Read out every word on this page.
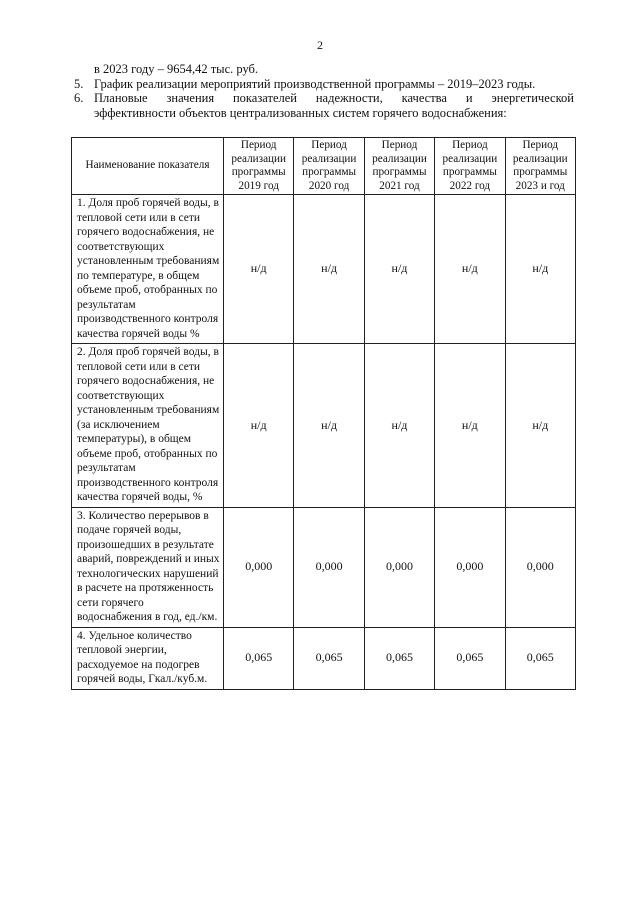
2
в 2023 году – 9654,42 тыс. руб.
5. График реализации мероприятий производственной программы – 2019–2023 годы.
6. Плановые значения показателей надежности, качества и энергетической
эффективности объектов централизованных систем горячего водоснабжения:
Наименование показателя	Период реализации программы 2019 год	Период реализации программы 2020 год	Период реализации программы 2021 год	Период реализации программы 2022 год	Период реализации программы 2023 и год
1. Доля проб горячей воды, в тепловой сети или в сети горячего водоснабжения, не соответствующих установленным требованиям по температуре, в общем объеме проб, отобранных по результатам производственного контроля качества горячей воды %	н/д	н/д	н/д	н/д	н/д
2. Доля проб горячей воды, в тепловой сети или в сети горячего водоснабжения, не соответствующих установленным требованиям (за исключением температуры), в общем объеме проб, отобранных по результатам производственного контроля качества горячей воды, %	н/д	н/д	н/д	н/д	н/д
3. Количество перерывов в подаче горячей воды, произошедших в результате аварий, повреждений и иных технологических нарушений в расчете на протяженность сети горячего водоснабжения в год, ед./км.	0,000	0,000	0,000	0,000	0,000
4. Удельное количество тепловой энергии, расходуемое на подогрев горячей воды, Гкал./куб.м.	0,065	0,065	0,065	0,065	0,065
